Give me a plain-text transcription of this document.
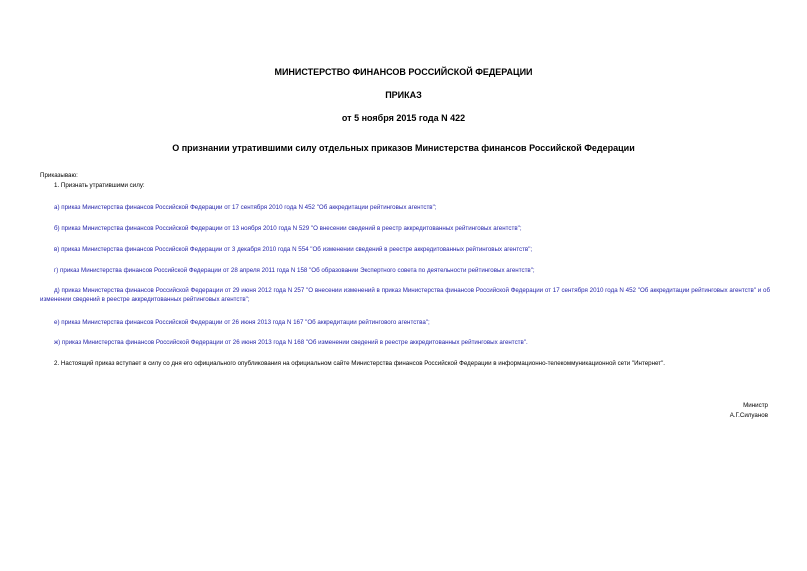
МИНИСТЕРСТВО ФИНАНСОВ РОССИЙСКОЙ ФЕДЕРАЦИИ
ПРИКАЗ
от 5 ноября 2015 года N 422
О признании утратившими силу отдельных приказов Министерства финансов Российской Федерации
Приказываю:
1. Признать утратившими силу:
а) приказ Министерства финансов Российской Федерации от 17 сентября 2010 года N 452 "Об аккредитации рейтинговых агентств";
б) приказ Министерства финансов Российской Федерации от 13 ноября 2010 года N 529 "О внесении сведений в реестр аккредитованных рейтинговых агентств";
в) приказ Министерства финансов Российской Федерации от 3 декабря 2010 года N 554 "Об изменении сведений в реестре аккредитованных рейтинговых агентств";
г) приказ Министерства финансов Российской Федерации от 28 апреля 2011 года N 158 "Об образовании Экспертного совета по деятельности рейтинговых агентств";
д) приказ Министерства финансов Российской Федерации от 29 июня 2012 года N 257 "О внесении изменений в приказ Министерства финансов Российской Федерации от 17 сентября 2010 года N 452 "Об аккредитации рейтинговых агентств" и об изменении сведений в реестре аккредитованных рейтинговых агентств";
е) приказ Министерства финансов Российской Федерации от 26 июня 2013 года N 167 "Об аккредитации рейтингового агентства";
ж) приказ Министерства финансов Российской Федерации от 26 июня 2013 года N 168 "Об изменении сведений в реестре аккредитованных рейтинговых агентств".
2. Настоящий приказ вступает в силу со дня его официального опубликования на официальном сайте Министерства финансов Российской Федерации в информационно-телекоммуникационной сети "Интернет".
Министр
А.Г.Силуанов
